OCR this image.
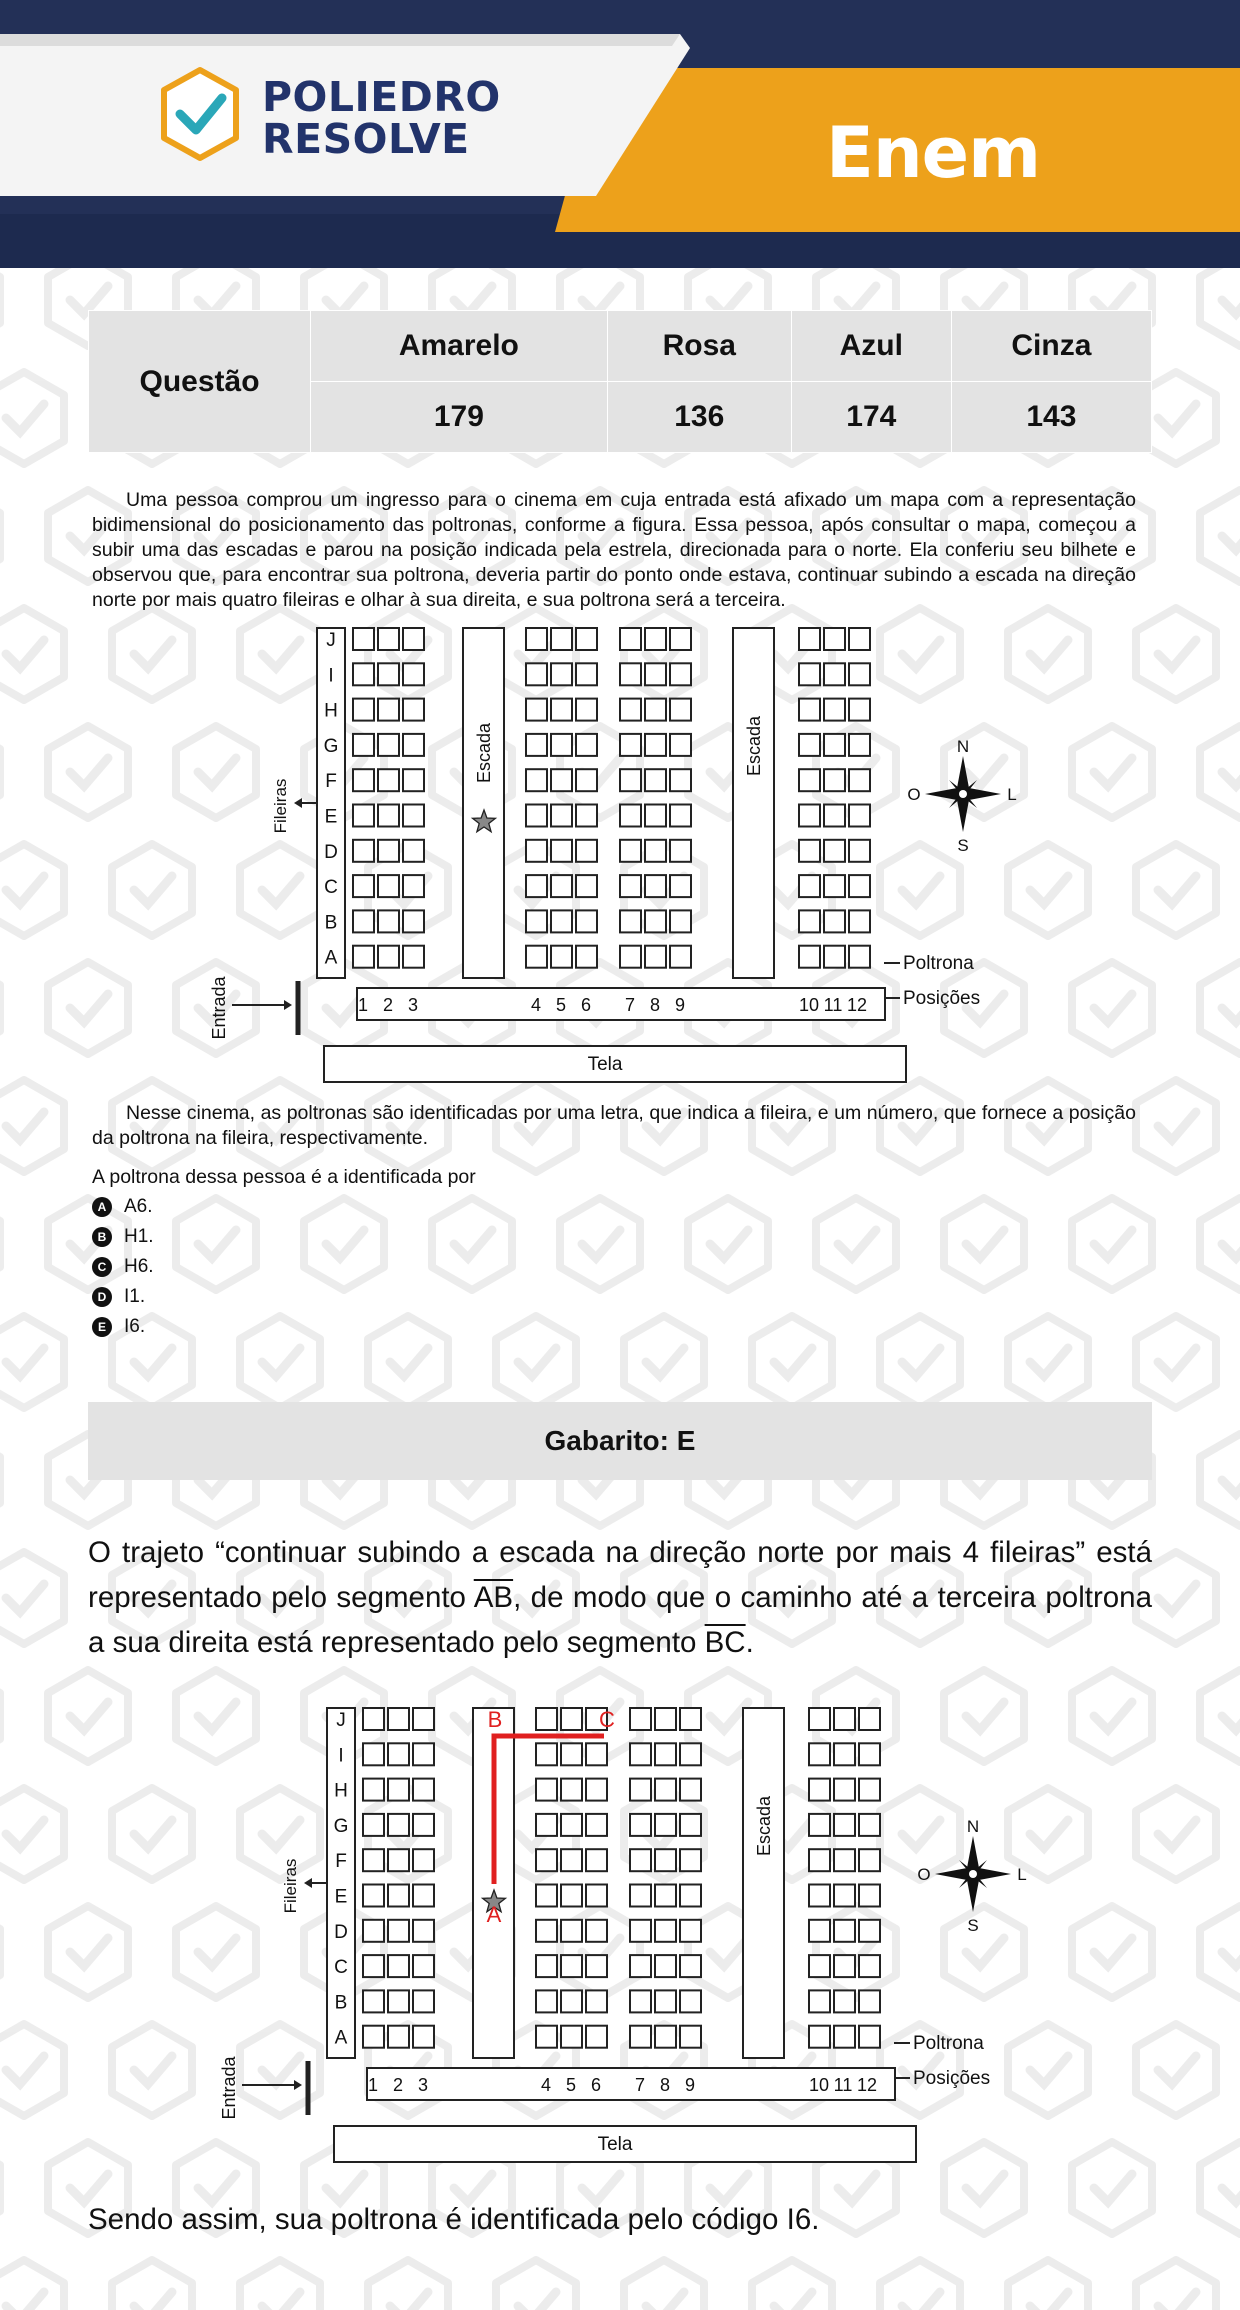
POLIEDRO
RESOLVE	Enem
Questão	Amarelo	Rosa	Azul	Cinza
	179	136	174	143
Uma pessoa comprou um ingresso para o cinema em cuja entrada está afixado um mapa com a representação bidimensional do posicionamento das poltronas, conforme a figura. Essa pessoa, após consultar o mapa, começou a subir uma das escadas e parou na posição indicada pela estrela, direcionada para o norte. Ela conferiu seu bilhete e observou que, para encontrar sua poltrona, deveria partir do ponto onde estava, continuar subindo a escada na direção norte por mais quatro fileiras e olhar à sua direita, e sua poltrona será a terceira.
J
I
H
G
F
E
D
C
B
A
Escada	Escada
Fileiras
Poltrona
1 2 3	4 5 6 7 8 9	10 11 12 Posições
Entrada
Tela
N
S
O	L
Nesse cinema, as poltronas são identificadas por uma letra, que indica a fileira, e um número, que fornece a posição da poltrona na fileira, respectivamente.
A poltrona dessa pessoa é a identificada por
A A6.
B H1.
C H6.
D I1.
E I6.
Gabarito: E
O trajeto “continuar subindo a escada na direção norte por mais 4 fileiras” está representado pelo segmento $\overline{AB}$, de modo que o caminho até a terceira poltrona a sua direita está representado pelo segmento $\overline{BC}$.
J
I
H
G
F
E
D
C
B
A
Escada
Fileiras
Poltrona
1 2 3	4 5 6 7 8 9	10 11 12 Posições
Entrada
Tela
N
S
O	L
A
B	C
Sendo assim, sua poltrona é identificada pelo código I6.
